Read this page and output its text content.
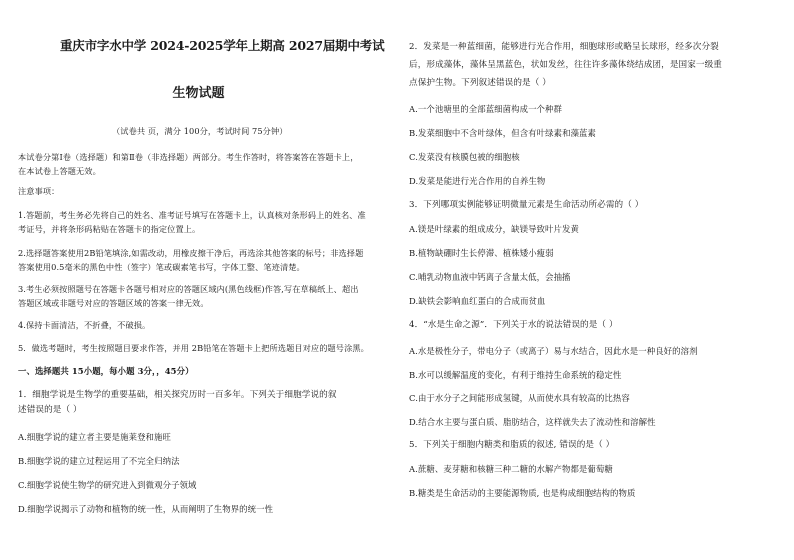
重庆市字水中学 2024-2025学年上期高 2027届期中考试
生物试题
（试卷共 页，满分 100分，考试时间 75分钟）
本试卷分第Ⅰ卷（选择题）和第Ⅱ卷（非选择题）两部分。考生作答时，将答案答在答题卡上，
在本试卷上答题无效。
注意事项：
1.答题前，考生务必先将自己的姓名、准考证号填写在答题卡上，认真核对条形码上的姓名、准
考证号，并将条形码粘贴在答题卡的指定位置上。
2.选择题答案使用2B铅笔填涂,如需改动，用橡皮擦干净后，再选涂其他答案的标号；非选择题
答案使用0.5毫米的黑色中性（签字）笔或碳素笔书写，字体工整、笔迹清楚。
3.考生必须按照题号在答题卡各题号相对应的答题区域内(黑色线框)作答,写在草稿纸上、超出
答题区域或非题号对应的答题区域的答案一律无效。
4.保持卡面清洁，不折叠，不破损。
5．做选考题时，考生按照题目要求作答，并用 2B铅笔在答题卡上把所选题目对应的题号涂黑。
一、选择题共 15小题，每小题 3分，，45分）
1．细胞学说是生物学的重要基础，相关探究历时一百多年。下列关于细胞学说的叙
述错误的是（ ）
A.细胞学说的建立者主要是施莱登和施旺
B.细胞学说的建立过程运用了不完全归纳法
C.细胞学说使生物学的研究进入到微观分子领域
D.细胞学说揭示了动物和植物的统一性，从而阐明了生物界的统一性
2．发菜是一种蓝细菌，能够进行光合作用，细胞球形或略呈长球形，经多次分裂
后，形成藻体，藻体呈黑蓝色，状如发丝，往往许多藻体绕结成团，是国家一级重
点保护生物。下列叙述错误的是（ ）
A.一个池塘里的全部蓝细菌构成一个种群
B.发菜细胞中不含叶绿体，但含有叶绿素和藻蓝素
C.发菜没有核膜包被的细胞核
D.发菜是能进行光合作用的自养生物
3．下列哪项实例能够证明微量元素是生命活动所必需的（ ）
A.镁是叶绿素的组成成分，缺镁导致叶片发黄
B.植物缺硼时生长停滞、植株矮小瘦弱
C.哺乳动物血液中钙离子含量太低，会抽搐
D.缺铁会影响血红蛋白的合成而贫血
4．“水是生命之源”．下列关于水的说法错误的是（ ）
A.水是极性分子，带电分子（或离子）易与水结合，因此水是一种良好的溶剂
B.水可以缓解温度的变化，有利于维持生命系统的稳定性
C.由于水分子之间能形成氢键，从而使水具有较高的比热容
D.结合水主要与蛋白质、脂肪结合，这样就失去了流动性和溶解性
5．下列关于细胞内糖类和脂质的叙述, 错误的是（ ）
A.蔗糖、麦芽糖和核糖三种二糖的水解产物都是葡萄糖
B.糖类是生命活动的主要能源物质, 也是构成细胞结构的物质
